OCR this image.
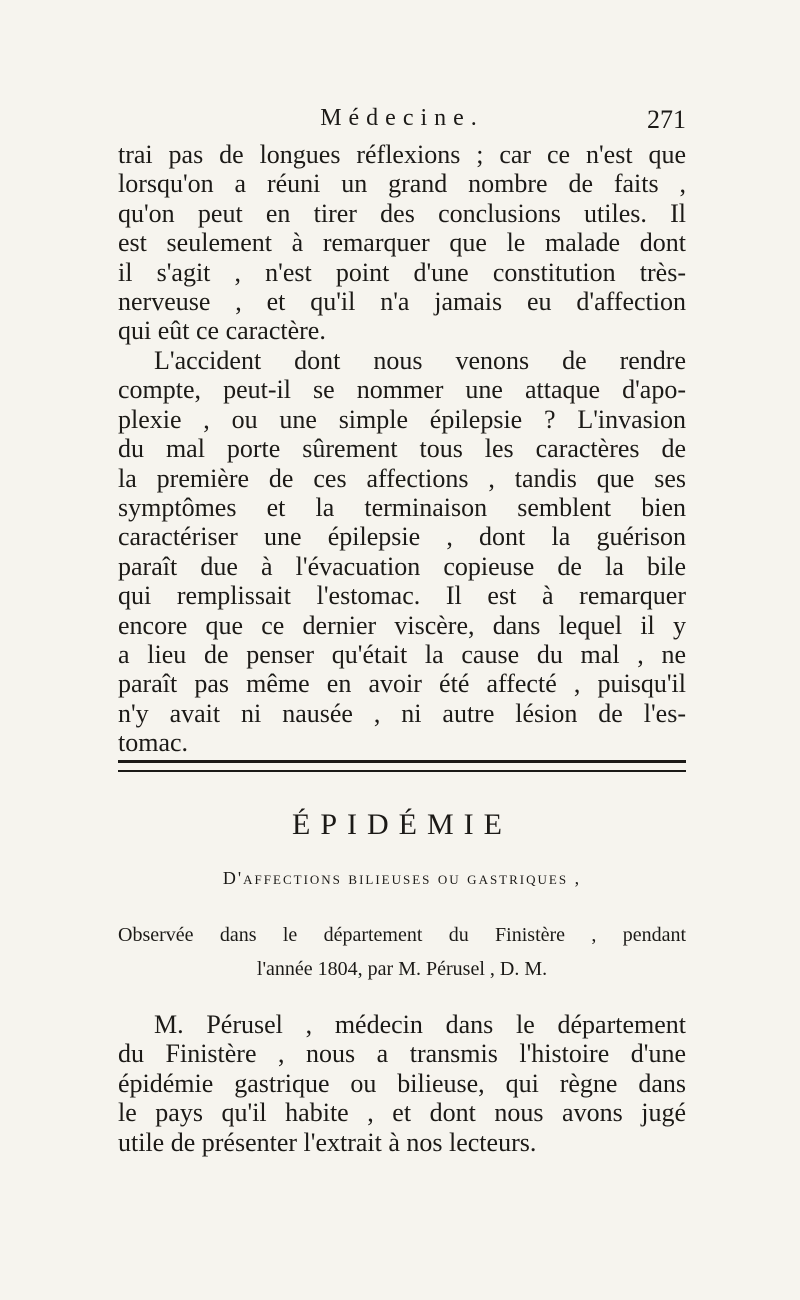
Médecine.	271
trai pas de longues réflexions ; car ce n'est que
lorsqu'on a réuni un grand nombre de faits ,
qu'on peut en tirer des conclusions utiles. Il
est seulement à remarquer que le malade dont
il s'agit , n'est point d'une constitution très-
nerveuse , et qu'il n'a jamais eu d'affection
qui eût ce caractère.
L'accident dont nous venons de rendre
compte, peut-il se nommer une attaque d'apo-
plexie , ou une simple épilepsie ? L'invasion
du mal porte sûrement tous les caractères de
la première de ces affections , tandis que ses
symptômes et la terminaison semblent bien
caractériser une épilepsie , dont la guérison
paraît due à l'évacuation copieuse de la bile
qui remplissait l'estomac. Il est à remarquer
encore que ce dernier viscère, dans lequel il y
a lieu de penser qu'était la cause du mal , ne
paraît pas même en avoir été affecté , puisqu'il
n'y avait ni nausée , ni autre lésion de l'es-
tomac.
ÉPIDÉMIE
D'affections bilieuses ou gastriques ,
Observée dans le département du Finistère , pendant
l'année 1804, par M. Pérusel , D. M.
M. Pérusel , médecin dans le département
du Finistère , nous a transmis l'histoire d'une
épidémie gastrique ou bilieuse, qui règne dans
le pays qu'il habite , et dont nous avons jugé
utile de présenter l'extrait à nos lecteurs.
